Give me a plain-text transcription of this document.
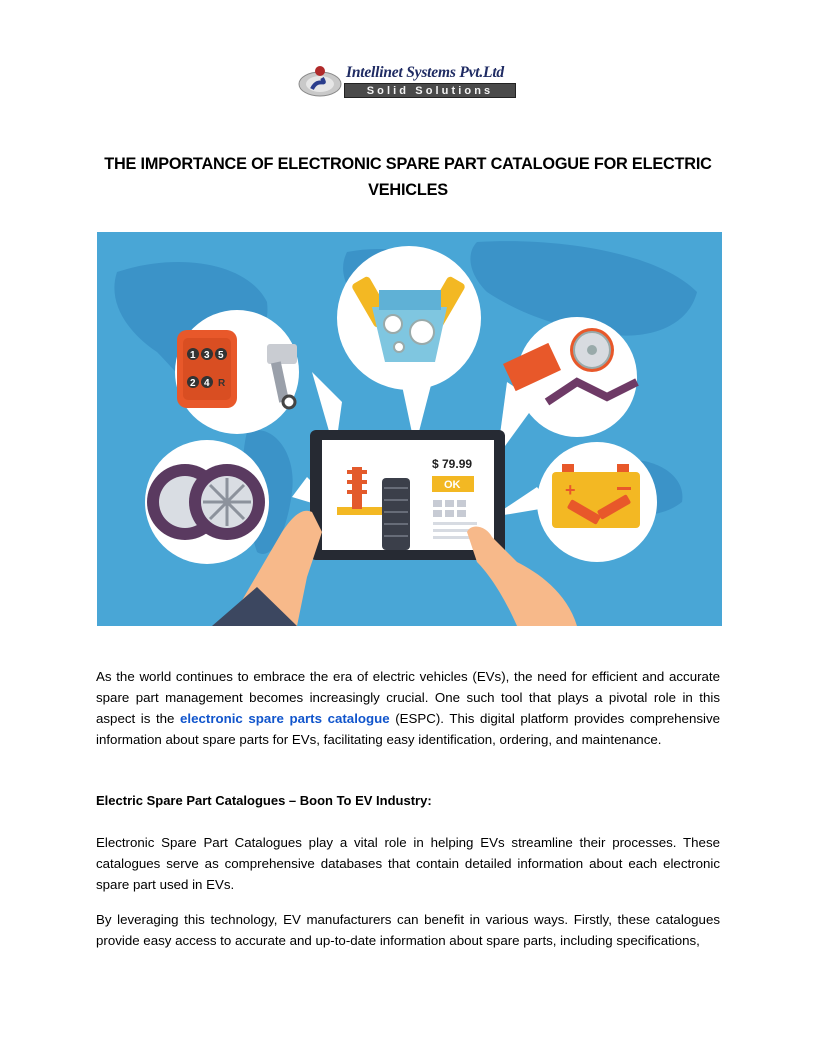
Intellinet Systems Pvt.Ltd
Solid Solutions
THE IMPORTANCE OF ELECTRONIC SPARE PART CATALOGUE FOR ELECTRIC VEHICLES
$ 79.99
OK
1 3 5
2 4 R
+
As the world continues to embrace the era of electric vehicles (EVs), the need for efficient and accurate spare part management becomes increasingly crucial. One such tool that plays a pivotal role in this aspect is the electronic spare parts catalogue (ESPC). This digital platform provides comprehensive information about spare parts for EVs, facilitating easy identification, ordering, and maintenance.
Electric Spare Part Catalogues – Boon To EV Industry:
Electronic Spare Part Catalogues play a vital role in helping EVs streamline their processes. These catalogues serve as comprehensive databases that contain detailed information about each electronic spare part used in EVs.
By leveraging this technology, EV manufacturers can benefit in various ways. Firstly, these catalogues provide easy access to accurate and up-to-date information about spare parts, including specifications,
